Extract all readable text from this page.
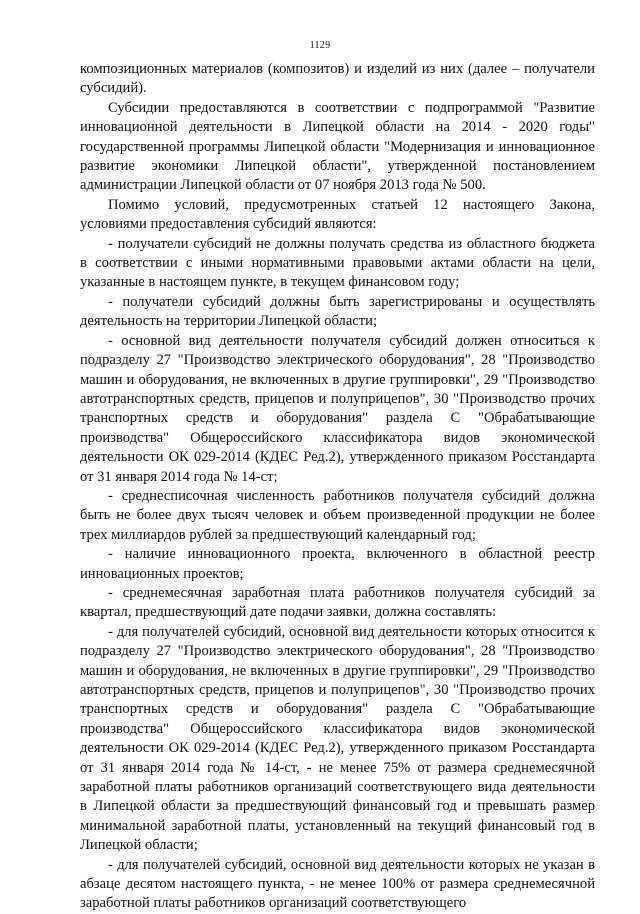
1129

композиционных материалов (композитов) и изделий из них (далее – получатели субсидий).

Субсидии предоставляются в соответствии с подпрограммой "Развитие инновационной деятельности в Липецкой области на 2014 - 2020 годы" государственной программы Липецкой области "Модернизация и инновационное развитие экономики Липецкой области", утвержденной постановлением администрации Липецкой области от 07 ноября 2013 года № 500.

Помимо условий, предусмотренных статьей 12 настоящего Закона, условиями предоставления субсидий являются:

- получатели субсидий не должны получать средства из областного бюджета в соответствии с иными нормативными правовыми актами области на цели, указанные в настоящем пункте, в текущем финансовом году;

- получатели субсидий должны быть зарегистрированы и осуществлять деятельность на территории Липецкой области;

- основной вид деятельности получателя субсидий должен относиться к подразделу 27 "Производство электрического оборудования", 28 "Производство машин и оборудования, не включенных в другие группировки", 29 "Производство автотранспортных средств, прицепов и полуприцепов", 30 "Производство прочих транспортных средств и оборудования" раздела С "Обрабатывающие производства" Общероссийского классификатора видов экономической деятельности ОК 029-2014 (КДЕС Ред.2), утвержденного приказом Росстандарта от 31 января 2014 года № 14-ст;

- среднесписочная численность работников получателя субсидий должна быть не более двух тысяч человек и объем произведенной продукции не более трех миллиардов рублей за предшествующий календарный год;

- наличие инновационного проекта, включенного в областной реестр инновационных проектов;

- среднемесячная заработная плата работников получателя субсидий за квартал, предшествующий дате подачи заявки, должна составлять:

- для получателей субсидий, основной вид деятельности которых относится к подразделу 27 "Производство электрического оборудования", 28 "Производство машин и оборудования, не включенных в другие группировки", 29 "Производство автотранспортных средств, прицепов и полуприцепов", 30 "Производство прочих транспортных средств и оборудования" раздела С "Обрабатывающие производства" Общероссийского классификатора видов экономической деятельности ОК 029-2014 (КДЕС Ред.2), утвержденного приказом Росстандарта от 31 января 2014 года № 14-ст, - не менее 75% от размера среднемесячной заработной платы работников организаций соответствующего вида деятельности в Липецкой области за предшествующий финансовый год и превышать размер минимальной заработной платы, установленный на текущий финансовый год в Липецкой области;

- для получателей субсидий, основной вид деятельности которых не указан в абзаце десятом настоящего пункта, - не менее 100% от размера среднемесячной заработной платы работников организаций соответствующего
